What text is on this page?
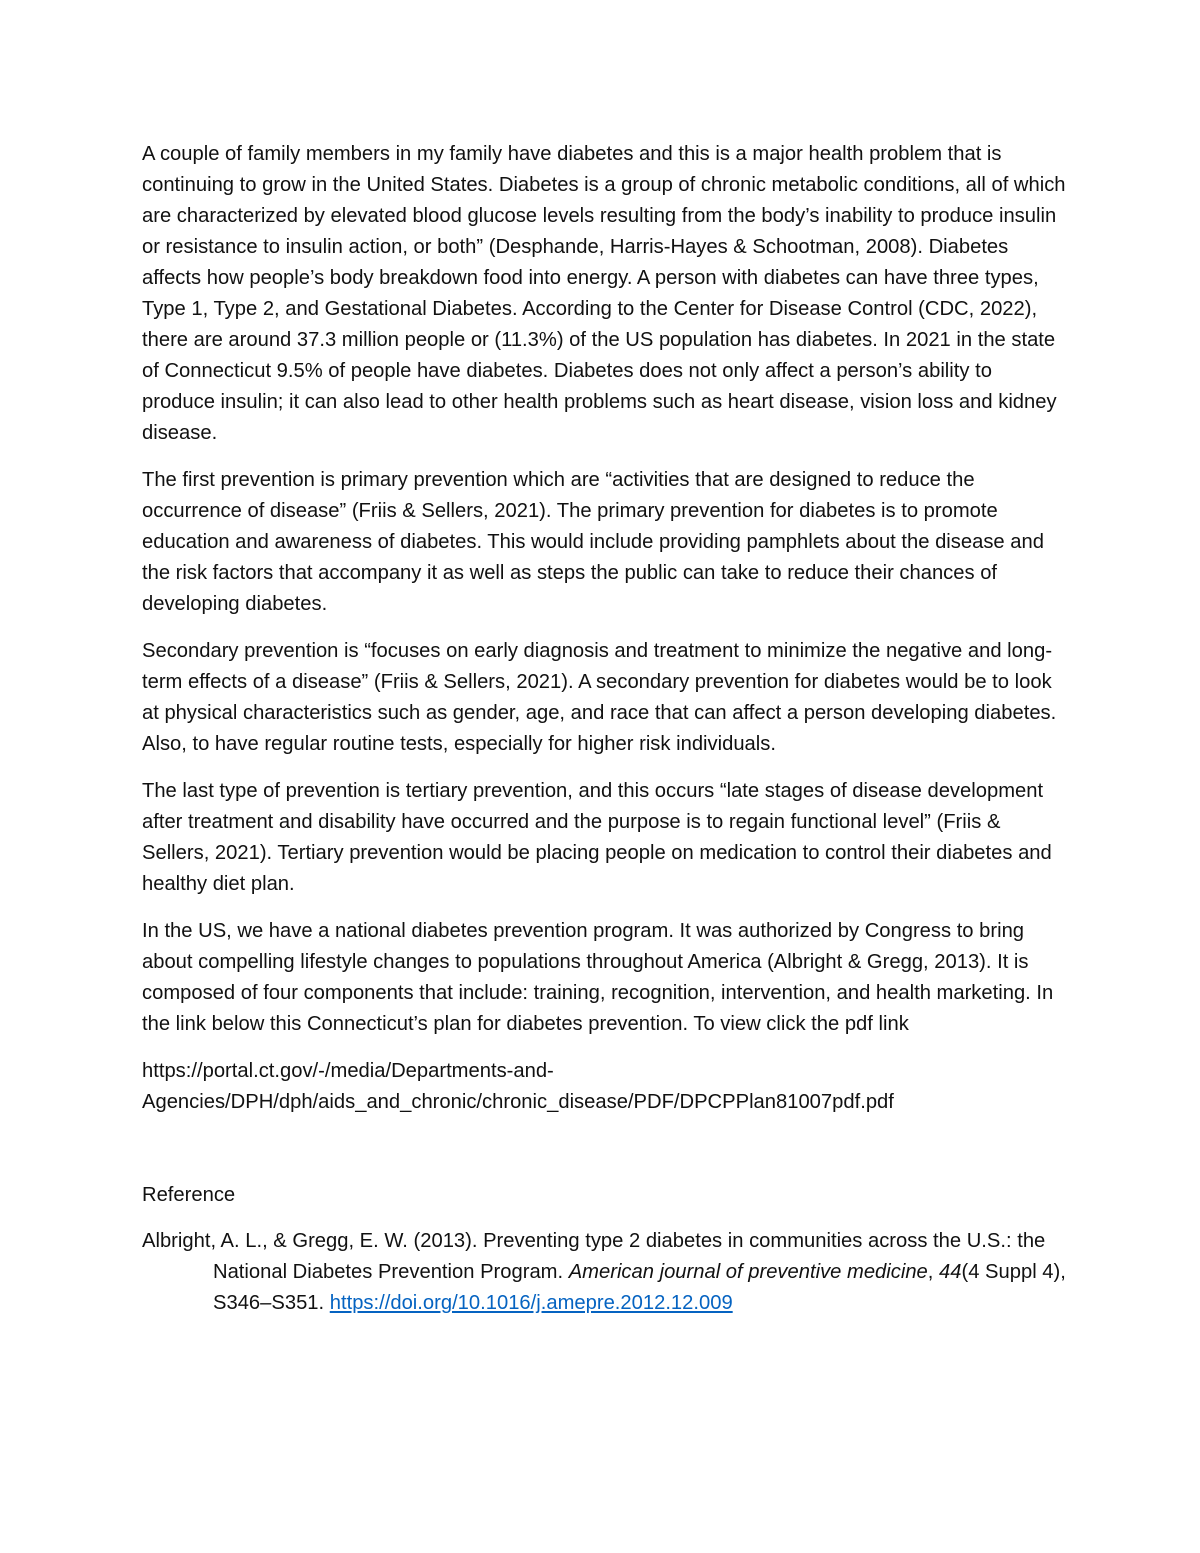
A couple of family members in my family have diabetes and this is a major health problem that is continuing to grow in the United States. Diabetes is a group of chronic metabolic conditions, all of which are characterized by elevated blood glucose levels resulting from the body’s inability to produce insulin or resistance to insulin action, or both” (Desphande, Harris-Hayes & Schootman, 2008). Diabetes affects how people’s body breakdown food into energy. A person with diabetes can have three types, Type 1, Type 2, and Gestational Diabetes. According to the Center for Disease Control (CDC, 2022), there are around 37.3 million people or (11.3%) of the US population has diabetes. In 2021 in the state of Connecticut 9.5% of people have diabetes. Diabetes does not only affect a person’s ability to produce insulin; it can also lead to other health problems such as heart disease, vision loss and kidney disease.

The first prevention is primary prevention which are “activities that are designed to reduce the occurrence of disease” (Friis & Sellers, 2021). The primary prevention for diabetes is to promote education and awareness of diabetes. This would include providing pamphlets about the disease and the risk factors that accompany it as well as steps the public can take to reduce their chances of developing diabetes.

Secondary prevention is “focuses on early diagnosis and treatment to minimize the negative and long-term effects of a disease” (Friis & Sellers, 2021). A secondary prevention for diabetes would be to look at physical characteristics such as gender, age, and race that can affect a person developing diabetes. Also, to have regular routine tests, especially for higher risk individuals.

The last type of prevention is tertiary prevention, and this occurs “late stages of disease development after treatment and disability have occurred and the purpose is to regain functional level” (Friis & Sellers, 2021). Tertiary prevention would be placing people on medication to control their diabetes and healthy diet plan.

In the US, we have a national diabetes prevention program. It was authorized by Congress to bring about compelling lifestyle changes to populations throughout America (Albright & Gregg, 2013). It is composed of four components that include: training, recognition, intervention, and health marketing. In the link below this Connecticut’s plan for diabetes prevention. To view click the pdf link

https://portal.ct.gov/-/media/Departments-and-
Agencies/DPH/dph/aids_and_chronic/chronic_disease/PDF/DPCPPlan81007pdf.pdf

Reference

Albright, A. L., & Gregg, E. W. (2013). Preventing type 2 diabetes in communities across the U.S.: the National Diabetes Prevention Program. American journal of preventive medicine, 44(4 Suppl 4), S346–S351. https://doi.org/10.1016/j.amepre.2012.12.009
